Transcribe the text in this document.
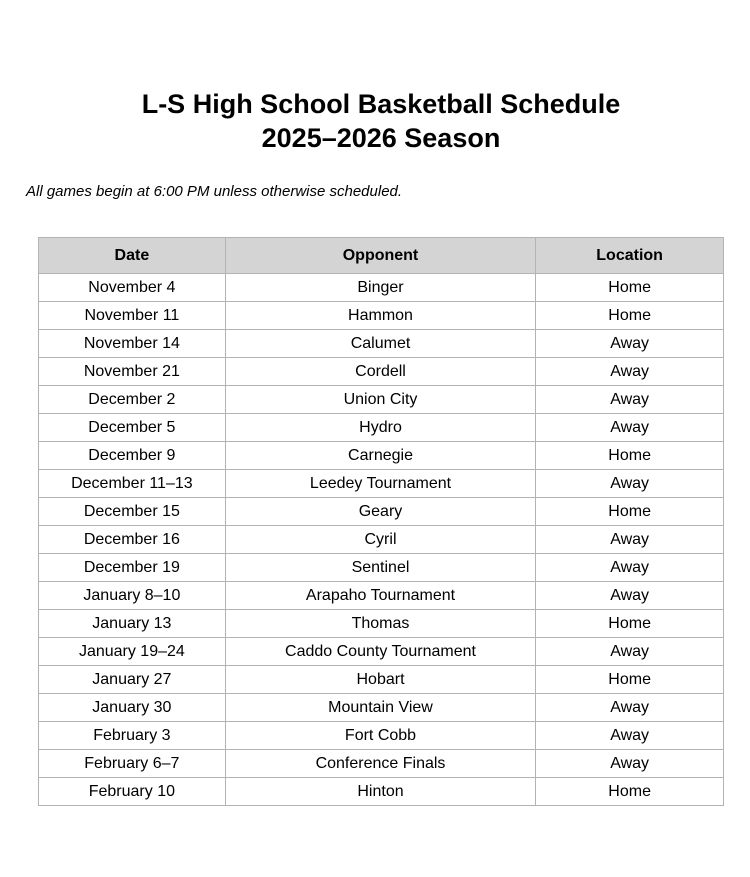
L-S High School Basketball Schedule
2025–2026 Season
All games begin at 6:00 PM unless otherwise scheduled.
Date	Opponent	Location
November 4	Binger	Home
November 11	Hammon	Home
November 14	Calumet	Away
November 21	Cordell	Away
December 2	Union City	Away
December 5	Hydro	Away
December 9	Carnegie	Home
December 11–13	Leedey Tournament	Away
December 15	Geary	Home
December 16	Cyril	Away
December 19	Sentinel	Away
January 8–10	Arapaho Tournament	Away
January 13	Thomas	Home
January 19–24	Caddo County Tournament	Away
January 27	Hobart	Home
January 30	Mountain View	Away
February 3	Fort Cobb	Away
February 6–7	Conference Finals	Away
February 10	Hinton	Home
